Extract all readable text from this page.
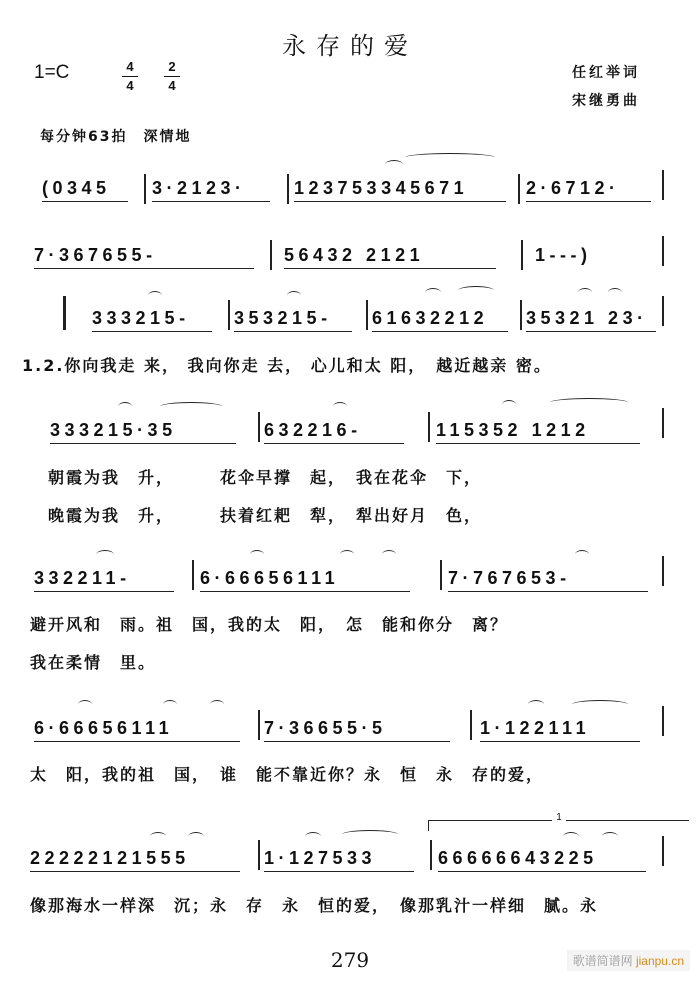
永存的爱
1=C	4
4
2
4
任红举词
宋继勇曲
每分钟63拍　深情地
(0345	3·2123·	123753345671	2·6712·
7·367655-	56432 2121	1---)
333215-	353215-	61632212	35321 23·
1.2.你向我走 来， 我向你走 去， 心儿和太 阳，　越近越亲 密。
333215·35	632216-	115352 1212
朝霞为我　升，　　　花伞早撑　起，　我在花伞　下，
晚霞为我　升，　　　扶着红耙　犁，　犁出好月　色，
332211-	6·66656111	7·767653-
避开风和　雨。祖　国，我的太　阳，　怎　能和你分　离？
我在柔情　里。
6·66656111	7·36655·5	1·122111
太　阳，我的祖　国，　谁　能不靠近你？永　恒　永　存的爱，
1
22222121555	1·127533	66666643225
像那海水一样深　沉；永　存　永　恒的爱，　像那乳汁一样细　腻。永
279	歌谱简谱网 jianpu.cn
